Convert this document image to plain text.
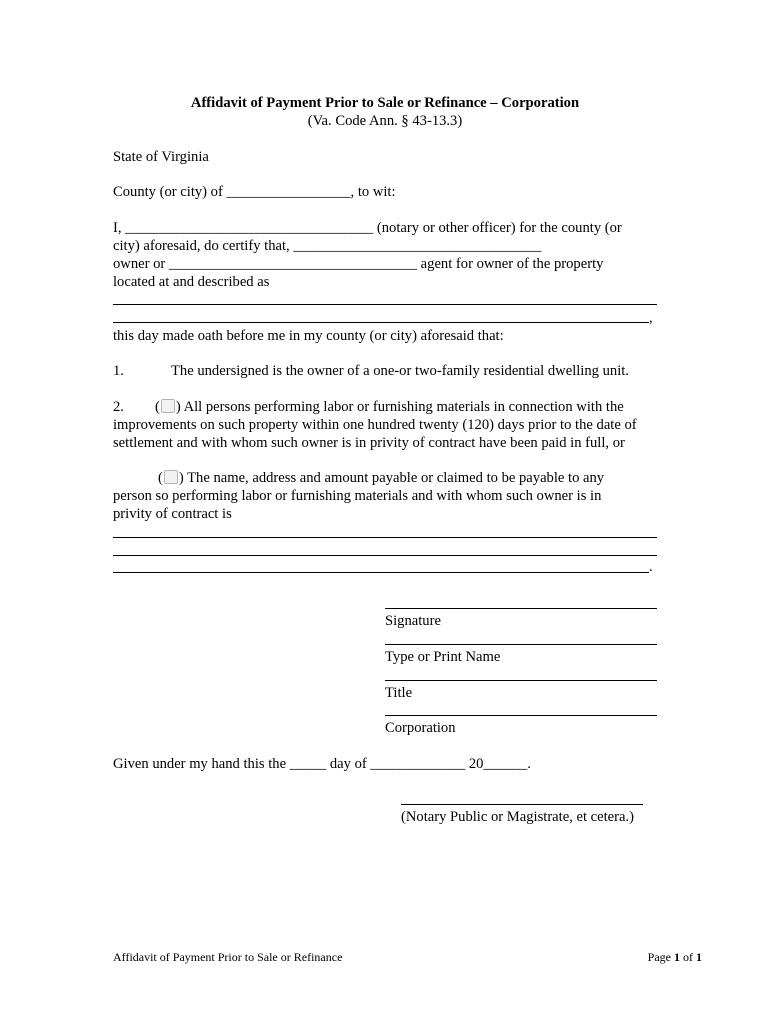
Affidavit of Payment Prior to Sale or Refinance – Corporation
(Va. Code Ann. § 43-13.3)
State of Virginia
County (or city) of _________________, to wit:
I, __________________________________ (notary or other officer) for the county (or
city) aforesaid, do certify that, __________________________________
owner or __________________________________ agent for owner of the property
located at and described as
,
this day made oath before me in my county (or city) aforesaid that:
1.	The undersigned is the owner of a one-or two-family residential dwelling unit.
2. ( ) All persons performing labor or furnishing materials in connection with the
improvements on such property within one hundred twenty (120) days prior to the date of
settlement and with whom such owner is in privity of contract have been paid in full, or
( ) The name, address and amount payable or claimed to be payable to any
person so performing labor or furnishing materials and with whom such owner is in
privity of contract is
.
Signature
Type or Print Name
Title
Corporation
Given under my hand this the _____ day of _____________ 20______.
(Notary Public or Magistrate, et cetera.)
Affidavit of Payment Prior to Sale or Refinance	Page 1 of 1
